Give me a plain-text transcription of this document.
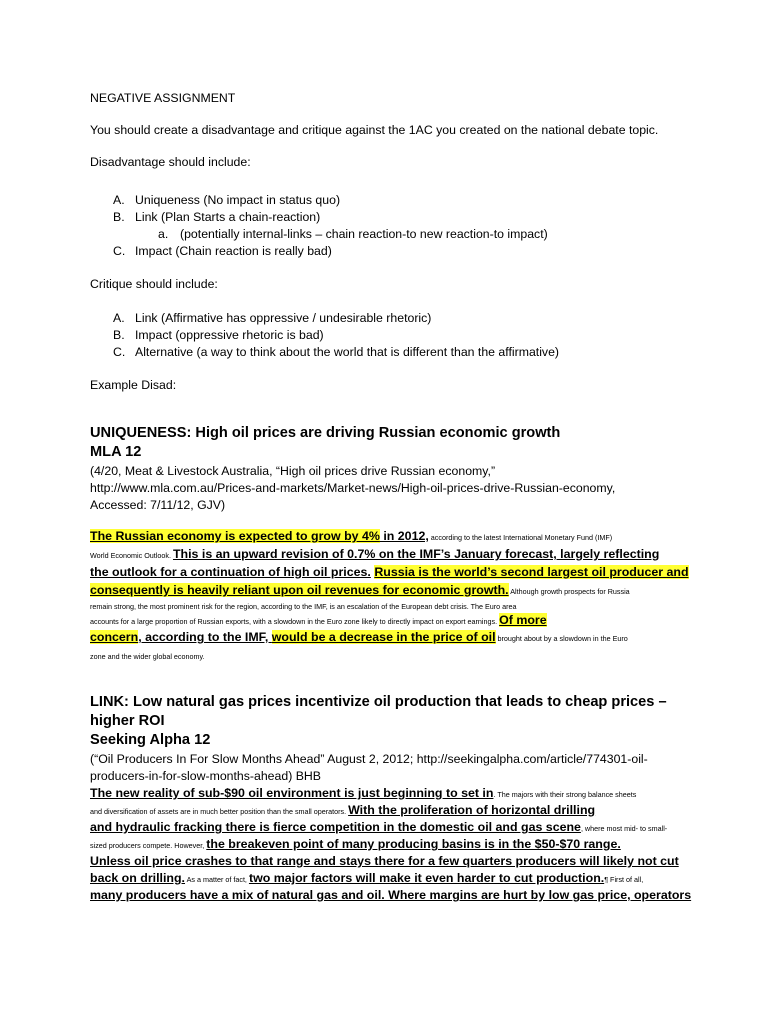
NEGATIVE ASSIGNMENT
You should create a disadvantage and critique against the 1AC you created on the national debate topic.
Disadvantage should include:
A. Uniqueness (No impact in status quo)
B. Link (Plan Starts a chain-reaction)
a. (potentially internal-links – chain reaction-to new reaction-to impact)
C. Impact (Chain reaction is really bad)
Critique should include:
A. Link (Affirmative has oppressive / undesirable rhetoric)
B. Impact (oppressive rhetoric is bad)
C. Alternative (a way to think about the world that is different than the affirmative)
Example Disad:
UNIQUENESS: High oil prices are driving Russian economic growth
MLA 12
(4/20, Meat & Livestock Australia, “High oil prices drive Russian economy,”
http://www.mla.com.au/Prices-and-markets/Market-news/High-oil-prices-drive-Russian-economy,
Accessed: 7/11/12, GJV)
The Russian economy is expected to grow by 4% in 2012, according to the latest International Monetary Fund (IMF)
World Economic Outlook. This is an upward revision of 0.7% on the IMF’s January forecast, largely reflecting
the outlook for a continuation of high oil prices. Russia is the world’s second largest oil producer and
consequently is heavily reliant upon oil revenues for economic growth. Although growth prospects for Russia
remain strong, the most prominent risk for the region, according to the IMF, is an escalation of the European debt crisis. The Euro area
accounts for a large proportion of Russian exports, with a slowdown in the Euro zone likely to directly impact on export earnings. Of more
concern, according to the IMF, would be a decrease in the price of oil brought about by a slowdown in the Euro
zone and the wider global economy.
LINK: Low natural gas prices incentivize oil production that leads to cheap prices –
higher ROI
Seeking Alpha 12
(“Oil Producers In For Slow Months Ahead” August 2, 2012; http://seekingalpha.com/article/774301-oil-
producers-in-for-slow-months-ahead) BHB
The new reality of sub-$90 oil environment is just beginning to set in. The majors with their strong balance sheets
and diversification of assets are in much better position than the small operators. With the proliferation of horizontal drilling
and hydraulic fracking there is fierce competition in the domestic oil and gas scene, where most mid- to small-
sized producers compete. However, the breakeven point of many producing basins is in the $50-$70 range.
Unless oil price crashes to that range and stays there for a few quarters producers will likely not cut
back on drilling. As a matter of fact, two major factors will make it even harder to cut production.¶ First of all,
many producers have a mix of natural gas and oil. Where margins are hurt by low gas price, operators
